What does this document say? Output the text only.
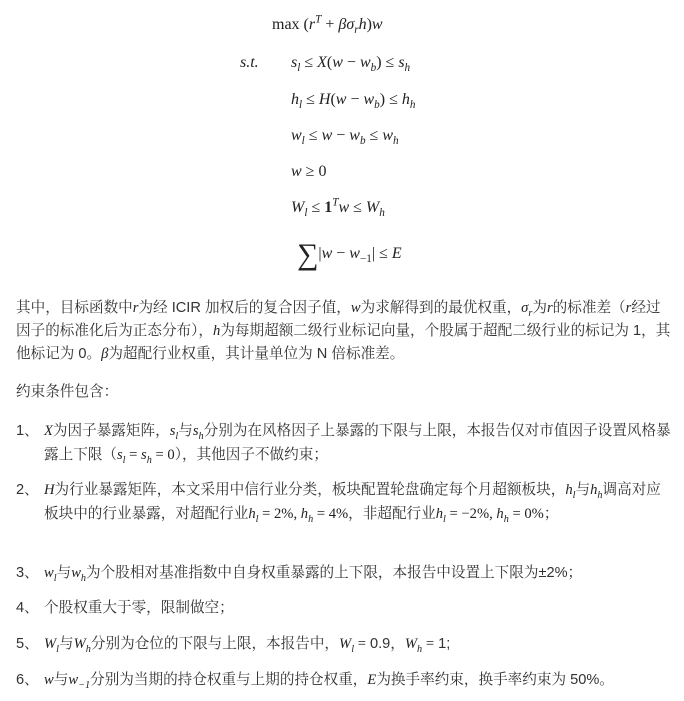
$\max (r^T + \beta\sigma_rh)w$
s.t. $s_l \le X(w - w_b) \le s_h$
$h_l \le H(w - w_b) \le h_h$
$w_l \le w - w_b \le w_h$
w ≥ 0
$W_l \le 1^Tw \le W_h$
$\sum|w - w_{-1}| \le E$
其中，目标函数中r为经 ICIR 加权后的复合因子值，w为求解得到的最优权重，$\sigma_r$为r的标准差（r经过因子的标准化后为正态分布），h为每期超额二级行业标记向量，个股属于超配二级行业的标记为 1，其他标记为 0。β为超配行业权重，其计量单位为 N 倍标准差。
约束条件包含：
1、 X为因子暴露矩阵，$s_l$与$s_h$分别为在风格因子上暴露的下限与上限，本报告仅对市值因子设置风格暴露上下限$(s_l = s_h = 0)$，其他因子不做约束；
2、 H为行业暴露矩阵，本文采用中信行业分类，板块配置轮盘确定每个月超额板块，$h_l$与$h_h$调高对应板块中的行业暴露，对超配行业$h_l = 2\%$, $h_h = 4\%$，非超配行业$h_l = -2\%$, $h_h = 0\%$；
3、 $w_l$与$w_h$为个股相对基准指数中自身权重暴露的上下限，本报告中设置上下限为±2%；
4、 个股权重大于零，限制做空；
5、 $W_l$与$W_h$分别为仓位的下限与上限，本报告中，$W_l = 0.9$，$W_h = 1$;
6、 w与$w_{-1}$分别为当期的持仓权重与上期的持仓权重，E为换手率约束，换手率约束为 50%。
